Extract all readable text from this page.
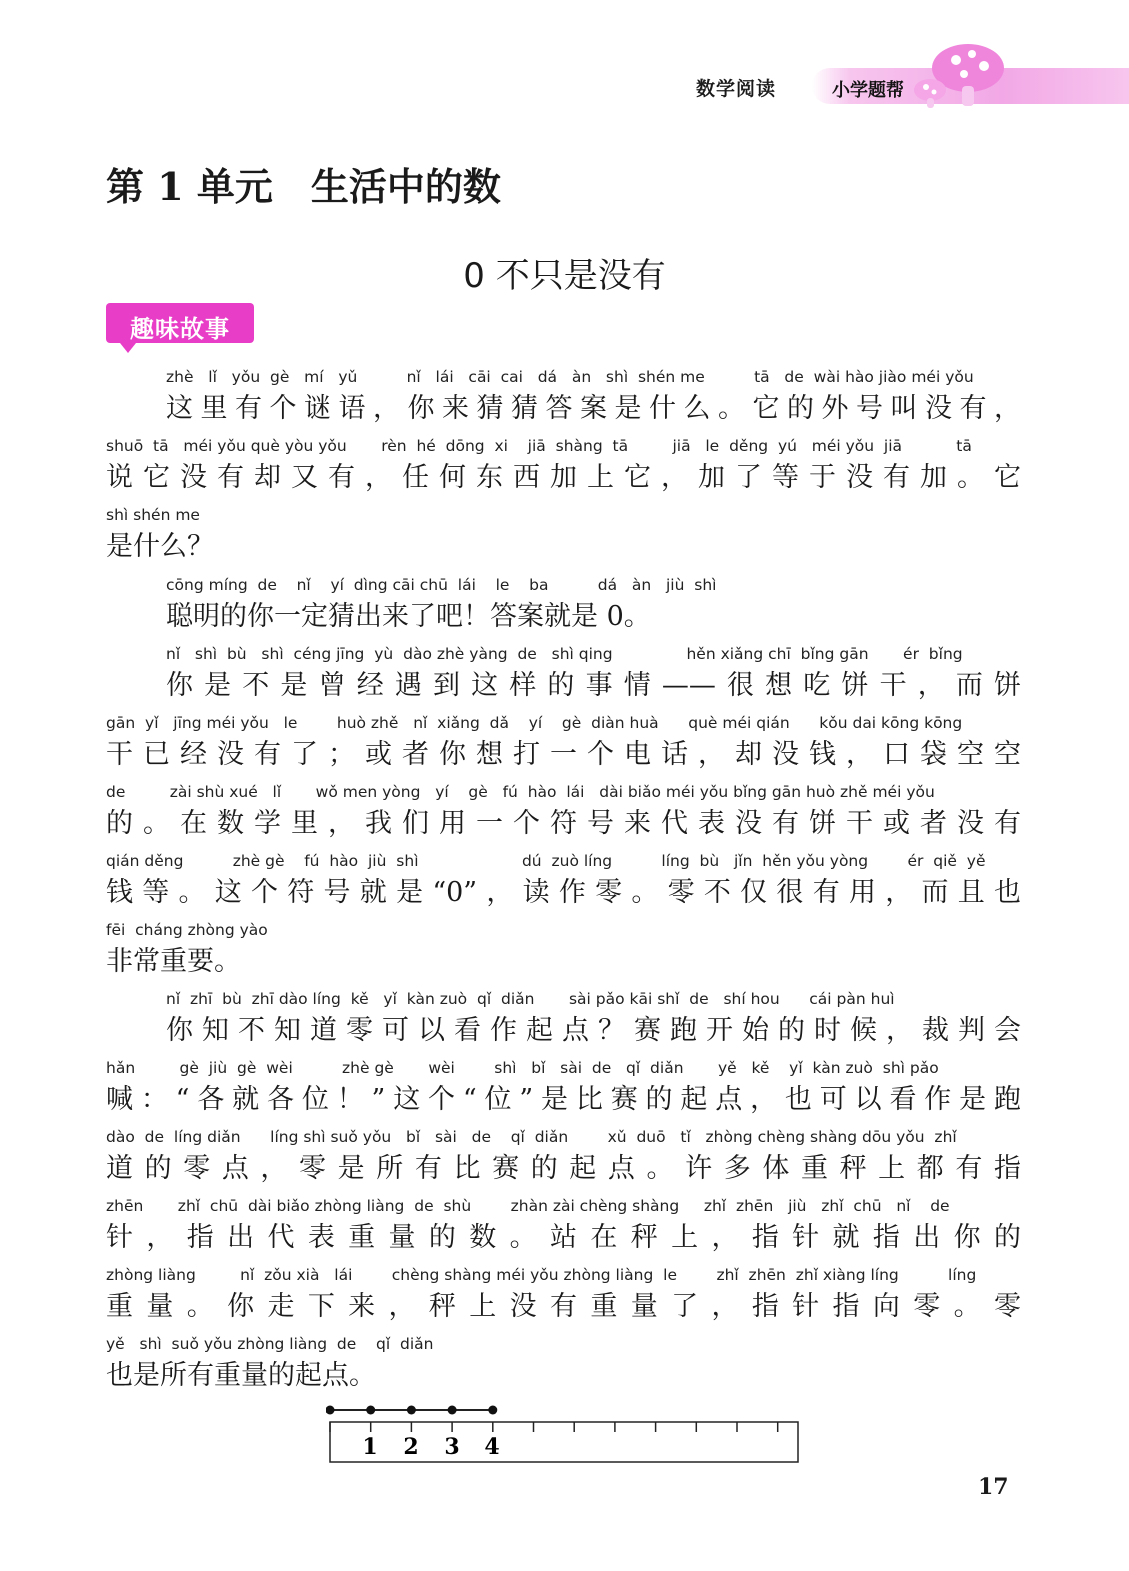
数学阅读	小学题帮
第 1 单元　生活中的数
0 不只是没有
趣味故事
zhè   lǐ   yǒu  gè   mí   yǔ          nǐ   lái   cāi  cai   dá   àn   shì  shén me          tā   de  wài hào jiào méi yǒu
这里有个谜语，你来猜猜答案是什么。它的外号叫没有，
shuō  tā   méi yǒu què yòu yǒu       rèn  hé  dōng  xi    jiā  shàng  tā         jiā   le  děng  yú   méi yǒu  jiā           tā
说它没有却又有，任何东西加上它，加了等于没有加。它
shì shén me
是什么？
cōng míng  de    nǐ    yí  dìng cāi chū  lái    le    ba          dá   àn   jiù  shì
聪明的你一定猜出来了吧！答案就是 0。
nǐ   shì  bù   shì  céng jīng  yù  dào zhè yàng  de   shì qing               hěn xiǎng chī  bǐng gān       ér  bǐng
你是不是曾经遇到这样的事情——很想吃饼干，而饼
gān  yǐ   jīng méi yǒu   le        huò zhě   nǐ  xiǎng  dǎ    yí    gè  diàn huà      què méi qián      kǒu dai kōng kōng
干已经没有了；或者你想打一个电话，却没钱，口袋空空
de         zài shù xué   lǐ       wǒ men yòng   yí    gè   fú  hào  lái   dài biǎo méi yǒu bǐng gān huò zhě méi yǒu
的。在数学里，我们用一个符号来代表没有饼干或者没有
qián děng          zhè gè    fú  hào  jiù  shì                     dú  zuò líng          líng  bù   jǐn  hěn yǒu yòng        ér  qiě  yě
钱等。这个符号就是“0”，读作零。零不仅很有用，而且也
fēi  cháng zhòng yào
非常重要。
nǐ  zhī  bù  zhī dào líng  kě   yǐ  kàn zuò  qǐ  diǎn       sài pǎo kāi shǐ  de   shí hou      cái pàn huì
你知不知道零可以看作起点？赛跑开始的时候，裁判会
hǎn         gè  jiù  gè  wèi          zhè gè       wèi        shì   bǐ   sài  de   qǐ  diǎn       yě   kě    yǐ  kàn zuò  shì pǎo
喊：“各就各位！”这个“位”是比赛的起点，也可以看作是跑
dào  de  líng diǎn      líng shì suǒ yǒu   bǐ   sài   de    qǐ  diǎn        xǔ  duō   tǐ   zhòng chèng shàng dōu yǒu  zhǐ
道的零点，零是所有比赛的起点。许多体重秤上都有指
zhēn       zhǐ  chū  dài biǎo zhòng liàng  de  shù        zhàn zài chèng shàng     zhǐ  zhēn   jiù   zhǐ  chū   nǐ    de
针，指出代表重量的数。站在秤上，指针就指出你的
zhòng liàng         nǐ  zǒu xià   lái        chèng shàng méi yǒu zhòng liàng  le        zhǐ  zhēn  zhǐ xiàng líng          líng
重量。你走下来，秤上没有重量了，指针指向零。零
yě   shì  suǒ yǒu zhòng liàng  de    qǐ  diǎn
也是所有重量的起点。
1 2 3 4
17
